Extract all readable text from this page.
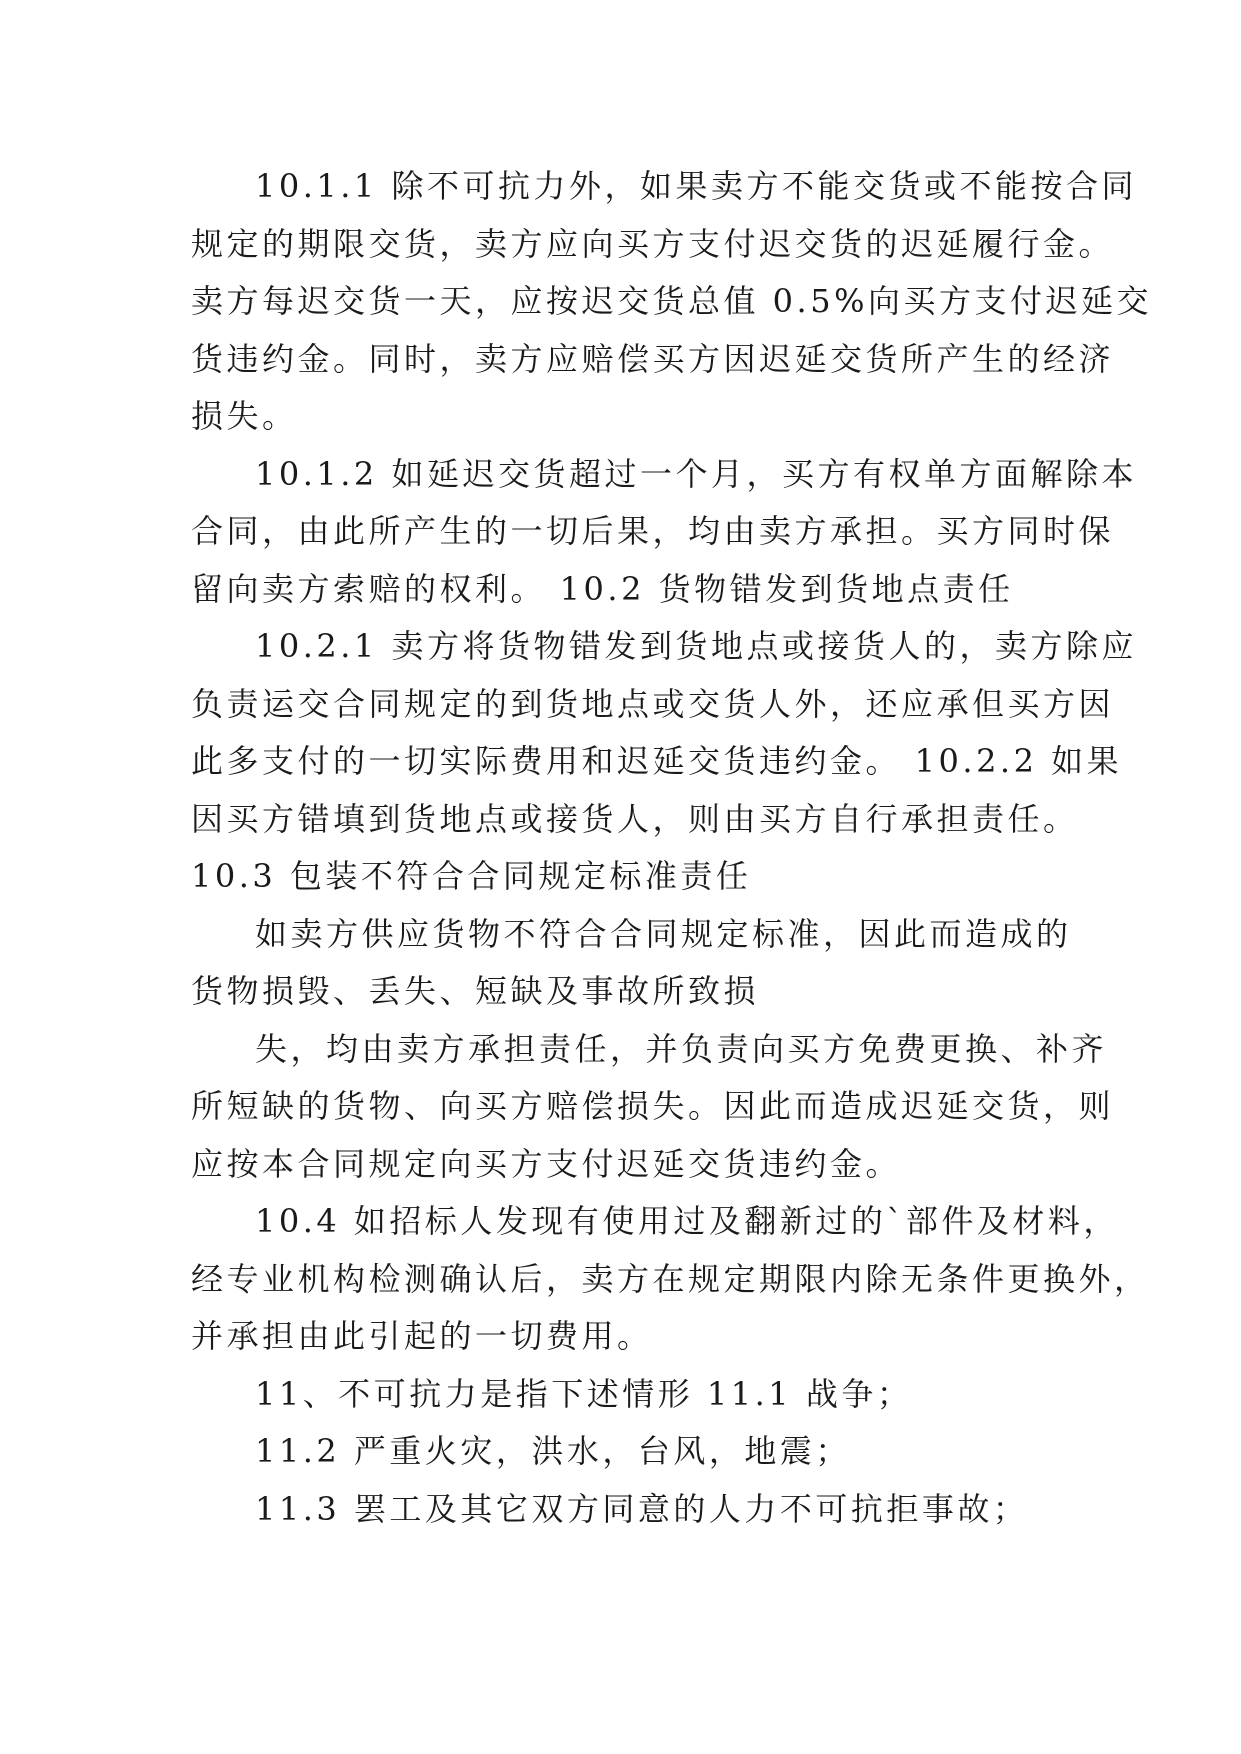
10.1.1 除不可抗力外，如果卖方不能交货或不能按合同

规定的期限交货，卖方应向买方支付迟交货的迟延履行金。

卖方每迟交货一天，应按迟交货总值 0.5%向买方支付迟延交

货违约金。同时，卖方应赔偿买方因迟延交货所产生的经济

损失。

10.1.2 如延迟交货超过一个月，买方有权单方面解除本

合同，由此所产生的一切后果，均由卖方承担。买方同时保

留向卖方索赔的权利。 10.2 货物错发到货地点责任

10.2.1 卖方将货物错发到货地点或接货人的，卖方除应

负责运交合同规定的到货地点或交货人外，还应承但买方因

此多支付的一切实际费用和迟延交货违约金。 10.2.2 如果

因买方错填到货地点或接货人，则由买方自行承担责任。

10.3 包装不符合合同规定标准责任

如卖方供应货物不符合合同规定标准，因此而造成的

货物损毁、丢失、短缺及事故所致损

失，均由卖方承担责任，并负责向买方免费更换、补齐

所短缺的货物、向买方赔偿损失。因此而造成迟延交货，则

应按本合同规定向买方支付迟延交货违约金。

10.4 如招标人发现有使用过及翻新过的`部件及材料，

经专业机构检测确认后，卖方在规定期限内除无条件更换外，

并承担由此引起的一切费用。

11、不可抗力是指下述情形 11.1 战争；

11.2 严重火灾，洪水，台风，地震；

11.3 罢工及其它双方同意的人力不可抗拒事故；
